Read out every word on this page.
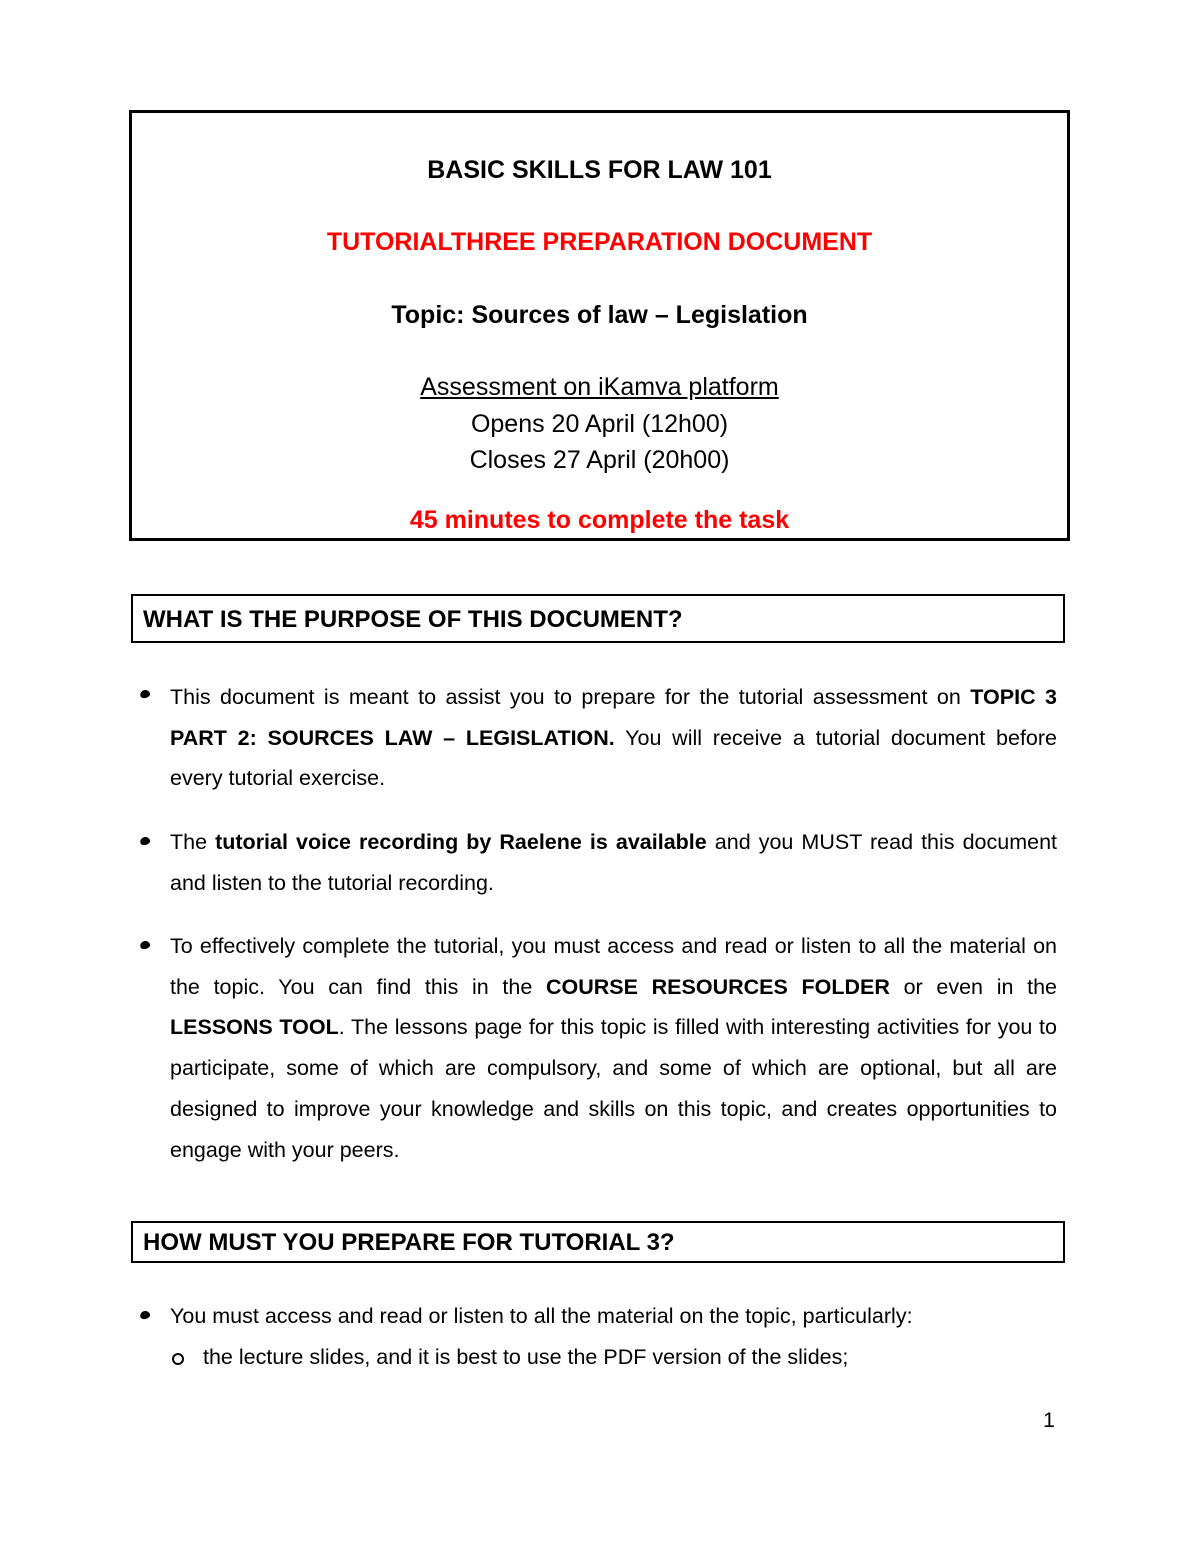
BASIC SKILLS FOR LAW 101
TUTORIALTHREE PREPARATION DOCUMENT
Topic: Sources of law – Legislation
Assessment on iKamva platform
Opens 20 April (12h00)
Closes 27 April (20h00)
45 minutes to complete the task
WHAT IS THE PURPOSE OF THIS DOCUMENT?
This document is meant to assist you to prepare for the tutorial assessment on TOPIC 3 PART 2: SOURCES LAW – LEGISLATION. You will receive a tutorial document before every tutorial exercise.
The tutorial voice recording by Raelene is available and you MUST read this document and listen to the tutorial recording.
To effectively complete the tutorial, you must access and read or listen to all the material on the topic. You can find this in the COURSE RESOURCES FOLDER or even in the LESSONS TOOL. The lessons page for this topic is filled with interesting activities for you to participate, some of which are compulsory, and some of which are optional, but all are designed to improve your knowledge and skills on this topic, and creates opportunities to engage with your peers.
HOW MUST YOU PREPARE FOR TUTORIAL 3?
You must access and read or listen to all the material on the topic, particularly:
the lecture slides, and it is best to use the PDF version of the slides;
1
